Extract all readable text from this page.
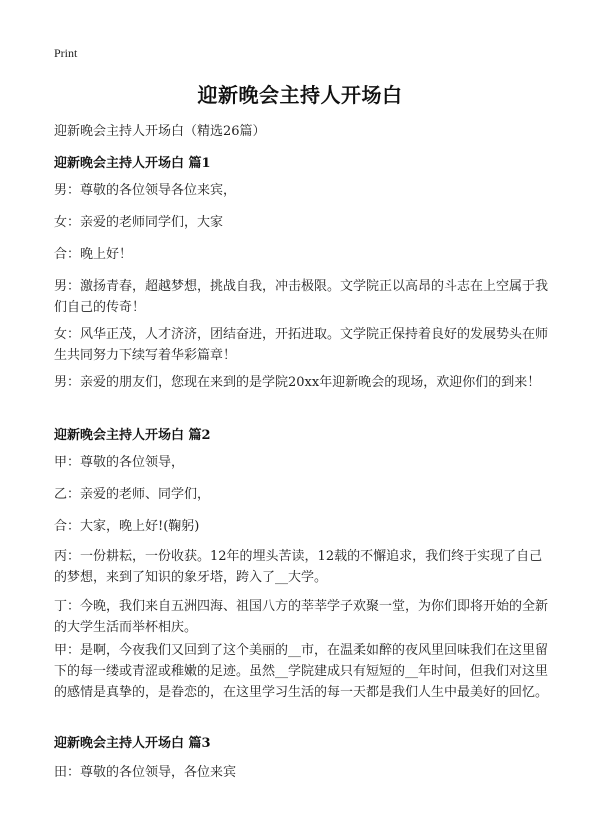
Print
迎新晚会主持人开场白
迎新晚会主持人开场白（精选26篇）
迎新晚会主持人开场白 篇1
男：尊敬的各位领导各位来宾，
女：亲爱的老师同学们，大家
合：晚上好！
男：激扬青春，超越梦想，挑战自我，冲击极限。文学院正以高昂的斗志在上空属于我们自己的传奇！
女：风华正茂，人才济济，团结奋进，开拓进取。文学院正保持着良好的发展势头在师生共同努力下续写着华彩篇章！
男：亲爱的朋友们，您现在来到的是学院20xx年迎新晚会的现场，欢迎你们的到来！
迎新晚会主持人开场白 篇2
甲：尊敬的各位领导，
乙：亲爱的老师、同学们，
合：大家，晚上好!(鞠躬)
丙：一份耕耘，一份收获。12年的埋头苦读，12载的不懈追求，我们终于实现了自己的梦想，来到了知识的象牙塔，跨入了__大学。
丁：今晚，我们来自五洲四海、祖国八方的莘莘学子欢聚一堂，为你们即将开始的全新的大学生活而举杯相庆。
甲：是啊，今夜我们又回到了这个美丽的__市，在温柔如醉的夜风里回味我们在这里留下的每一缕或青涩或稚嫩的足迹。虽然__学院建成只有短短的__年时间，但我们对这里的感情是真挚的，是眷恋的，在这里学习生活的每一天都是我们人生中最美好的回忆。
迎新晚会主持人开场白 篇3
田：尊敬的各位领导，各位来宾
